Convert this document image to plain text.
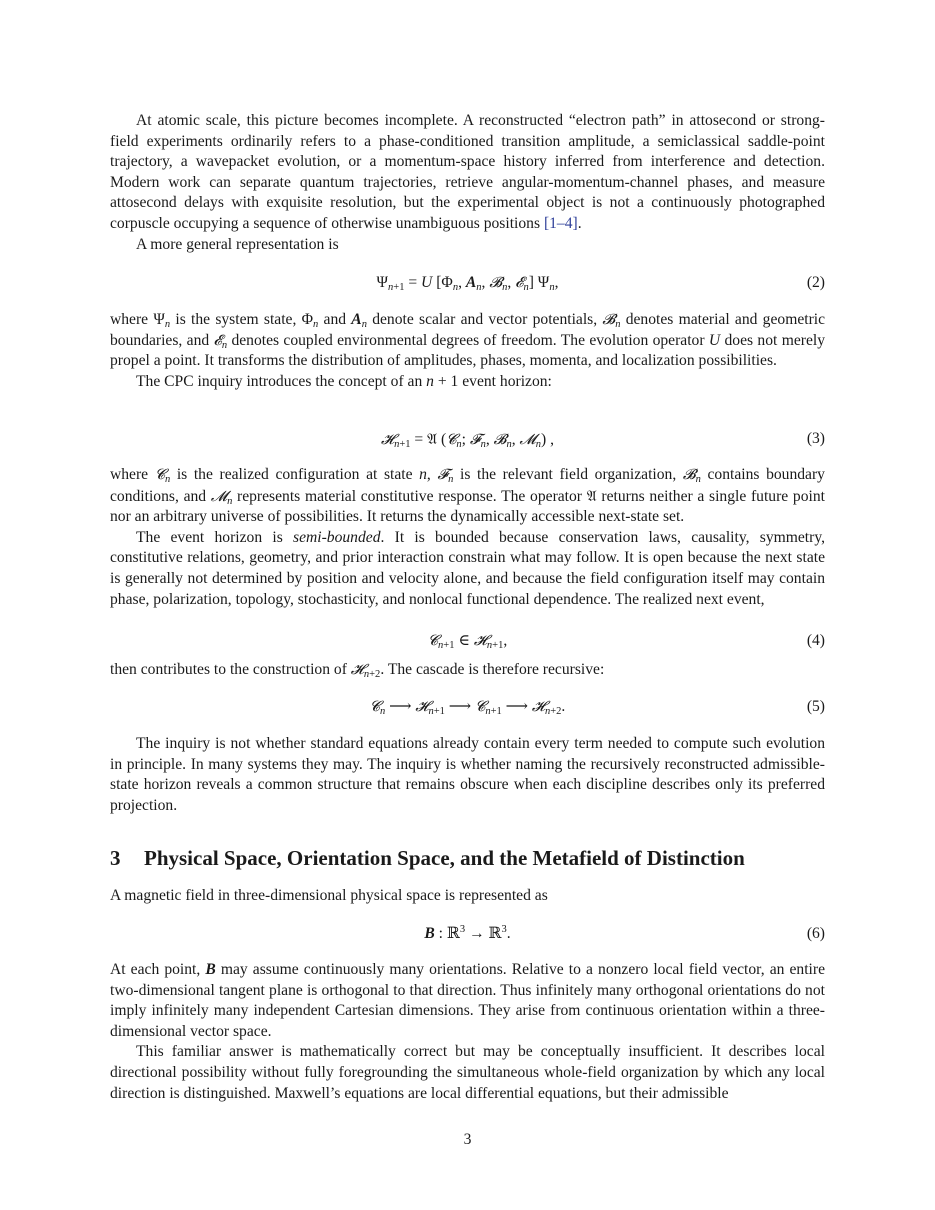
At atomic scale, this picture becomes incomplete. A reconstructed “electron path” in attosecond or strong-field experiments ordinarily refers to a phase-conditioned transition amplitude, a semiclassical saddle-point trajectory, a wavepacket evolution, or a momentum-space history inferred from interference and detection. Modern work can separate quantum trajectories, retrieve angular-momentum-channel phases, and measure attosecond delays with exquisite resolution, but the experimental object is not a continuously photographed corpuscle occupying a sequence of otherwise unambiguous positions [1–4].

A more general representation is

$\Psi_{n+1} = U$ [$\Phi_n$, $A_n$, 𝓑$_n$, 𝓔$_n$] $\Psi_n$,	(2)

where $\Psi_n$ is the system state, $\Phi_n$ and $A_n$ denote scalar and vector potentials, 𝓑$_n$ denotes material and geometric boundaries, and 𝓔$_n$ denotes coupled environmental degrees of freedom. The evolution operator U does not merely propel a point. It transforms the distribution of amplitudes, phases, momenta, and localization possibilities.

The CPC inquiry introduces the concept of an n + 1 event horizon:

𝓗$_{n+1}$ = 𝔄 (𝓒$_n$; 𝓕$_n$, 𝓑$_n$, 𝓜$_n$) ,	(3)

where 𝓒$_n$ is the realized configuration at state n, 𝓕$_n$ is the relevant field organization, 𝓑$_n$ contains boundary conditions, and 𝓜$_n$ represents material constitutive response. The operator 𝔄 returns neither a single future point nor an arbitrary universe of possibilities. It returns the dynamically accessible next-state set.

The event horizon is semi-bounded. It is bounded because conservation laws, causality, symmetry, constitutive relations, geometry, and prior interaction constrain what may follow. It is open because the next state is generally not determined by position and velocity alone, and because the field configuration itself may contain phase, polarization, topology, stochasticity, and nonlocal functional dependence. The realized next event,

𝓒$_{n+1}$ ∈ 𝓗$_{n+1}$,	(4)

then contributes to the construction of 𝓗$_{n+2}$. The cascade is therefore recursive:

𝓒$_n$ ⟶ 𝓗$_{n+1}$ ⟶ 𝓒$_{n+1}$ ⟶ 𝓗$_{n+2}$.	(5)

The inquiry is not whether standard equations already contain every term needed to compute such evolution in principle. In many systems they may. The inquiry is whether naming the recursively reconstructed admissible-state horizon reveals a common structure that remains obscure when each discipline describes only its preferred projection.

3 Physical Space, Orientation Space, and the Metafield of Distinction

A magnetic field in three-dimensional physical space is represented as

B : ℝ$^3$ → ℝ$^3$.	(6)

At each point, B may assume continuously many orientations. Relative to a nonzero local field vector, an entire two-dimensional tangent plane is orthogonal to that direction. Thus infinitely many orthogonal orientations do not imply infinitely many independent Cartesian dimensions. They arise from continuous orientation within a three-dimensional vector space.

This familiar answer is mathematically correct but may be conceptually insufficient. It describes local directional possibility without fully foregrounding the simultaneous whole-field organization by which any local direction is distinguished. Maxwell’s equations are local differential equations, but their admissible

3
